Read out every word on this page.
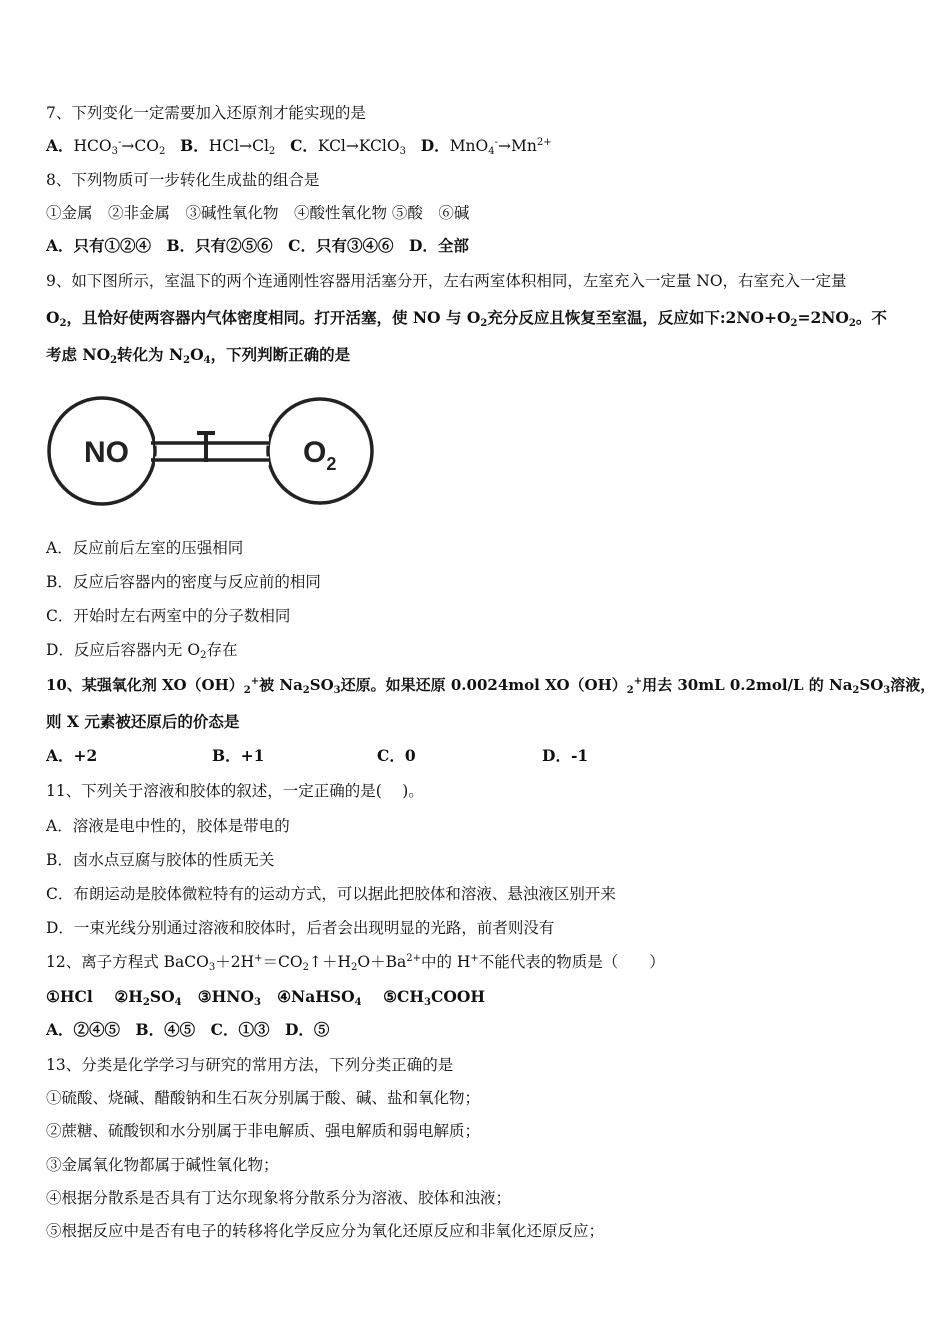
7、下列变化一定需要加入还原剂才能实现的是
A．$HCO_3^-\to CO_2$ B．$HCl\to Cl_2$ C．KCl→KClO$_3$ D．$MnO_4^-\to Mn^{2+}$
8、下列物质可一步转化生成盐的组合是
①金属　②非金属　③碱性氧化物　④酸性氧化物 ⑤酸　⑥碱
A．只有①②④　B．只有②⑤⑥　C．只有③④⑥　D．全部
9、如下图所示，室温下的两个连通刚性容器用活塞分开，左右两室体积相同，左室充入一定量 NO，右室充入一定量
$O_2$，且恰好使两容器内气体密度相同。打开活塞，使 NO 与 $O_2$充分反应且恢复至室温，反应如下$:2NO+O_2=2NO_2$。不
考虑 $NO_2$转化为 $N_2O_4$，下列判断正确的是
NO	$O_2$
A．反应前后左室的压强相同
B．反应后容器内的密度与反应前的相同
C．开始时左右两室中的分子数相同
D．反应后容器内无 $O_2$存在
10、某强氧化剂 $XO(OH)_2^+$被 $Na_2SO_3$还原。如果还原 0.0024mol $XO(OH)_2^+$用去 30mL 0.2mol/L 的 $Na_2SO_3$溶液，
则 X 元素被还原后的价态是
A．+2	B．+1	C．0	D．-1
11、下列关于溶液和胶体的叙述，一定正确的是(　 )。
A．溶液是电中性的，胶体是带电的
B．卤水点豆腐与胶体的性质无关
C．布朗运动是胶体微粒特有的运动方式，可以据此把胶体和溶液、悬浊液区别开来
D．一束光线分别通过溶液和胶体时，后者会出现明显的光路，前者则没有
12、离子方程式 $BaCO_3+2H^+=CO_2↑+H_2O+Ba^{2+}$中的 H+不能代表的物质是（　　）
①HCl $②H_2SO_4$ $③HNO_3$ ④NaHSO$_4$ $⑤CH_3COOH$
A．②④⑤　B．④⑤　C．①③　D．⑤
13、分类是化学学习与研究的常用方法，下列分类正确的是
①硫酸、烧碱、醋酸钠和生石灰分别属于酸、碱、盐和氧化物；
②蔗糖、硫酸钡和水分别属于非电解质、强电解质和弱电解质；
③金属氧化物都属于碱性氧化物；
④根据分散系是否具有丁达尔现象将分散系分为溶液、胶体和浊液；
⑤根据反应中是否有电子的转移将化学反应分为氧化还原反应和非氧化还原反应；
